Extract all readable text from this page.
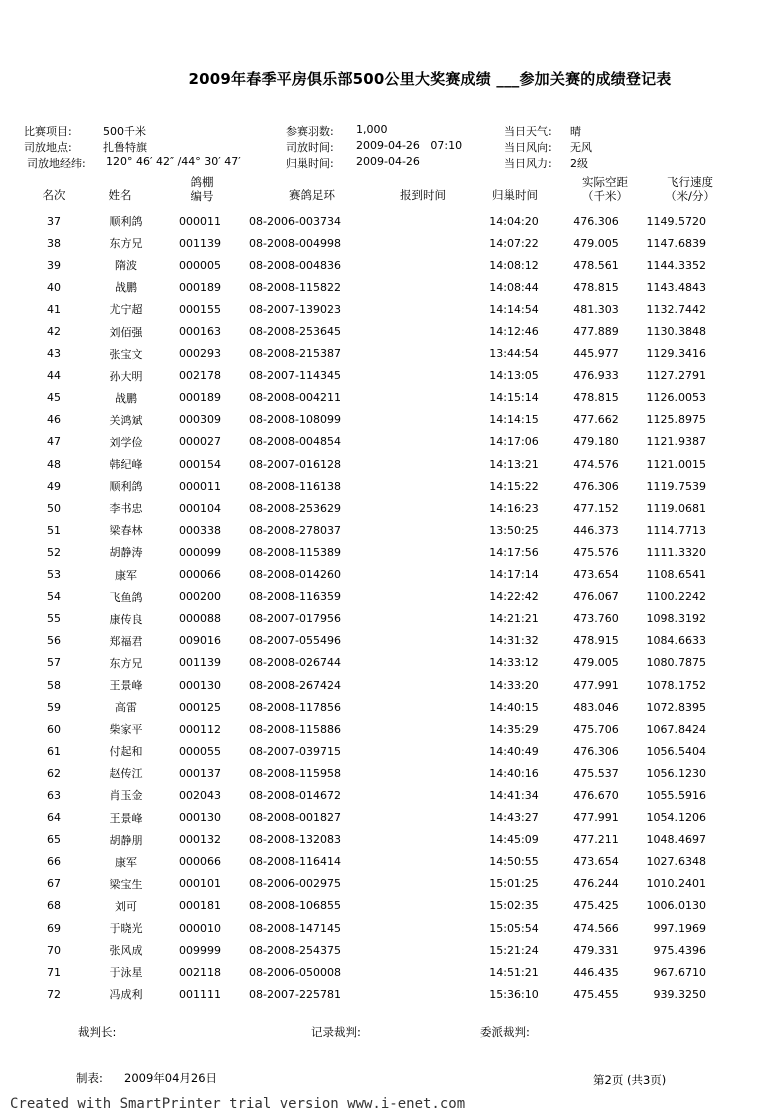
2009年春季平房俱乐部500公里大奖赛成绩 ___参加关赛的成绩登记表
比赛项目:	500千米
司放地点:	扎鲁特旗
司放地经纬: 120° 46′ 42″ /44° 30′ 47′
参赛羽数: 1,000
司放时间: 2009-04-26   07:10
归巢时间: 2009-04-26
当日天气: 晴
当日风向: 无风
当日风力: 2级
名次	姓名
鸽棚
编号	赛鸽足环	报到时间	归巢时间
实际空距
（千米）
飞行速度
（米/分）
37	顺利鸽	000011	08-2006-003734		14:04:20	476.306	1149.5720
38	东方兄	001139	08-2008-004998		14:07:22	479.005	1147.6839
39	隋波	000005	08-2008-004836		14:08:12	478.561	1144.3352
40	战鹏	000189	08-2008-115822		14:08:44	478.815	1143.4843
41	尤宁超	000155	08-2007-139023		14:14:54	481.303	1132.7442
42	刘佰强	000163	08-2008-253645		14:12:46	477.889	1130.3848
43	张宝文	000293	08-2008-215387		13:44:54	445.977	1129.3416
44	孙大明	002178	08-2007-114345		14:13:05	476.933	1127.2791
45	战鹏	000189	08-2008-004211		14:15:14	478.815	1126.0053
46	关鸿斌	000309	08-2008-108099		14:14:15	477.662	1125.8975
47	刘学俭	000027	08-2008-004854		14:17:06	479.180	1121.9387
48	韩纪峰	000154	08-2007-016128		14:13:21	474.576	1121.0015
49	顺利鸽	000011	08-2008-116138		14:15:22	476.306	1119.7539
50	李书忠	000104	08-2008-253629		14:16:23	477.152	1119.0681
51	梁春林	000338	08-2008-278037		13:50:25	446.373	1114.7713
52	胡静涛	000099	08-2008-115389		14:17:56	475.576	1111.3320
53	康军	000066	08-2008-014260		14:17:14	473.654	1108.6541
54	飞鱼鸽	000200	08-2008-116359		14:22:42	476.067	1100.2242
55	康传良	000088	08-2007-017956		14:21:21	473.760	1098.3192
56	郑福君	009016	08-2007-055496		14:31:32	478.915	1084.6633
57	东方兄	001139	08-2008-026744		14:33:12	479.005	1080.7875
58	王景峰	000130	08-2008-267424		14:33:20	477.991	1078.1752
59	高雷	000125	08-2008-117856		14:40:15	483.046	1072.8395
60	柴家平	000112	08-2008-115886		14:35:29	475.706	1067.8424
61	付起和	000055	08-2007-039715		14:40:49	476.306	1056.5404
62	赵传江	000137	08-2008-115958		14:40:16	475.537	1056.1230
63	肖玉金	002043	08-2008-014672		14:41:34	476.670	1055.5916
64	王景峰	000130	08-2008-001827		14:43:27	477.991	1054.1206
65	胡静朋	000132	08-2008-132083		14:45:09	477.211	1048.4697
66	康军	000066	08-2008-116414		14:50:55	473.654	1027.6348
67	梁宝生	000101	08-2006-002975		15:01:25	476.244	1010.2401
68	刘可	000181	08-2008-106855		15:02:35	475.425	1006.0130
69	于晓光	000010	08-2008-147145		15:05:54	474.566	997.1969
70	张风成	009999	08-2008-254375		15:21:24	479.331	975.4396
71	于泳星	002118	08-2006-050008		14:51:21	446.435	967.6710
72	冯成利	001111	08-2007-225781		15:36:10	475.455	939.3250
裁判长:	记录裁判:	委派裁判:
制表: 2009年04月26日	第2页 (共3页)
Created with SmartPrinter trial version www.i-enet.com
